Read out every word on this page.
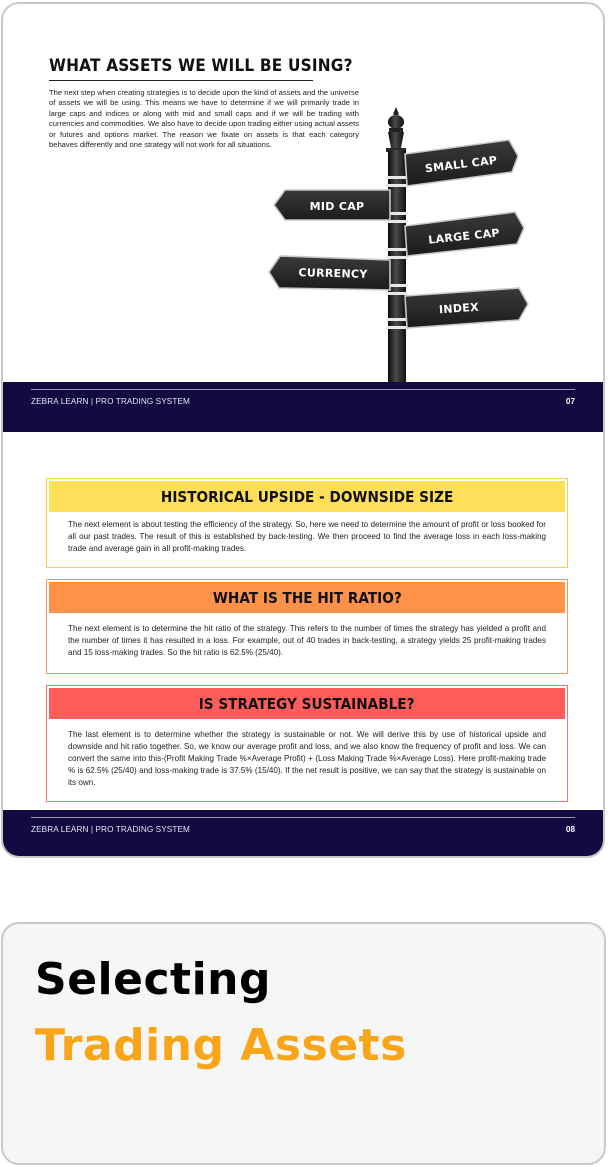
WHAT ASSETS WE WILL BE USING?

The next step when creating strategies is to decide upon the kind of assets and the universe of assets we will be using. This means we have to determine if we will primarily trade in large caps and indices or along with mid and small caps and if we will be trading with currencies and commodities. We also have to decide upon trading either using actual assets or futures and options market. The reason we fixate on assets is that each category behaves differently and one strategy will not work for all situations.

SMALL CAP
MID CAP
LARGE CAP
CURRENCY
INDEX
ZEBRA LEARN | PRO TRADING SYSTEM	07
HISTORICAL UPSIDE - DOWNSIDE SIZE

The next element is about testing the efficiency of the strategy. So, here we need to determine the amount of profit or loss booked for all our past trades. The result of this is established by back-testing. We then proceed to find the average loss in each loss-making trade and average gain in all profit-making trades.

WHAT IS THE HIT RATIO?

The next element is to determine the hit ratio of the strategy. This refers to the number of times the strategy has yielded a profit and the number of times it has resulted in a loss. For example, out of 40 trades in back-testing, a strategy yields 25 profit-making trades and 15 loss-making trades. So the hit ratio is 62.5% (25/40).

IS STRATEGY SUSTAINABLE?

The last element is to determine whether the strategy is sustainable or not. We will derive this by use of historical upside and downside and hit ratio together. So, we know our average profit and loss, and we also know the frequency of profit and loss. We can convert the same into this-(Profit Making Trade %×Average Profit) + (Loss Making Trade %×Average Loss). Here profit-making trade % is 62.5% (25/40) and loss-making trade is 37.5% (15/40). If the net result is positive, we can say that the strategy is sustainable on its own.

ZEBRA LEARN | PRO TRADING SYSTEM	08
Selecting
Trading Assets
